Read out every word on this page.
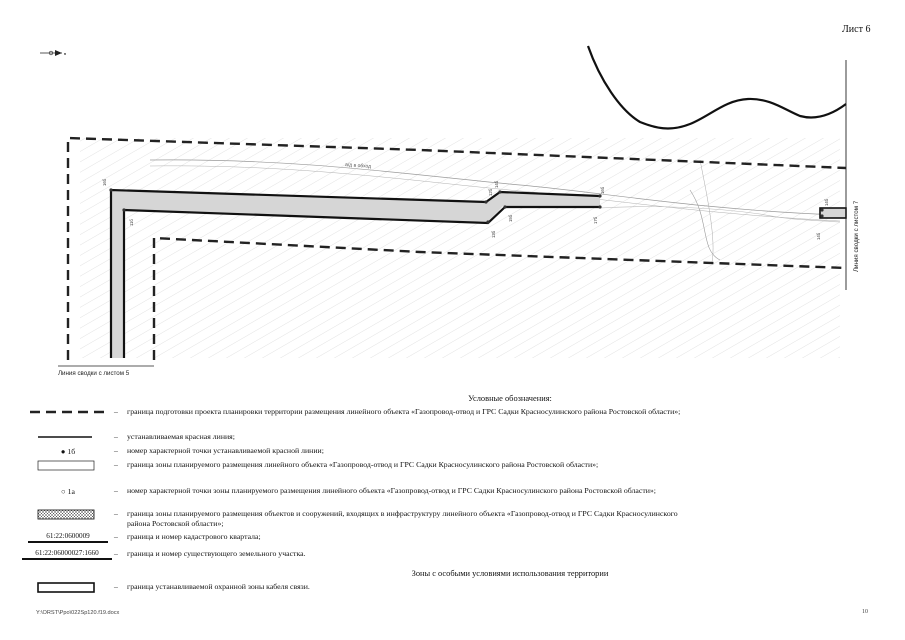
Лист 6
в
а/д в обход
16б
11б
12б
13б
14б
15б
16б
17б
14б
14б
Линия сводки с листом 5
Линия сводки с листом 7
Условные обозначения:
– граница подготовки проекта планировки территории размещения линейного объекта «Газопровод-отвод и ГРС Садки Красносулинского района Ростовской области»;
– устанавливаемая красная линия;
● 1б	– номер характерной точки устанавливаемой красной линии;
– граница зоны планируемого размещения линейного объекта «Газопровод-отвод и ГРС Садки Красносулинского района Ростовской области»;
○ 1а	– номер характерной точки зоны планируемого размещения линейного объекта «Газопровод-отвод и ГРС Садки Красносулинского района Ростовской области»;
– граница зоны планируемого размещения объектов и сооружений, входящих в инфраструктуру линейного объекта «Газопровод-отвод и ГРС Садки Красносулинского района Ростовской области»;
61:22:0600009	– граница и номер кадастрового квартала;
61:22:06000027:1660	– граница и номер существующего земельного участка.
Зоны с особыми условиями использования территории
– граница устанавливаемой охранной зоны кабеля связи.
Y:\ORST\Ppo\022Sp120.f19.docx	10
